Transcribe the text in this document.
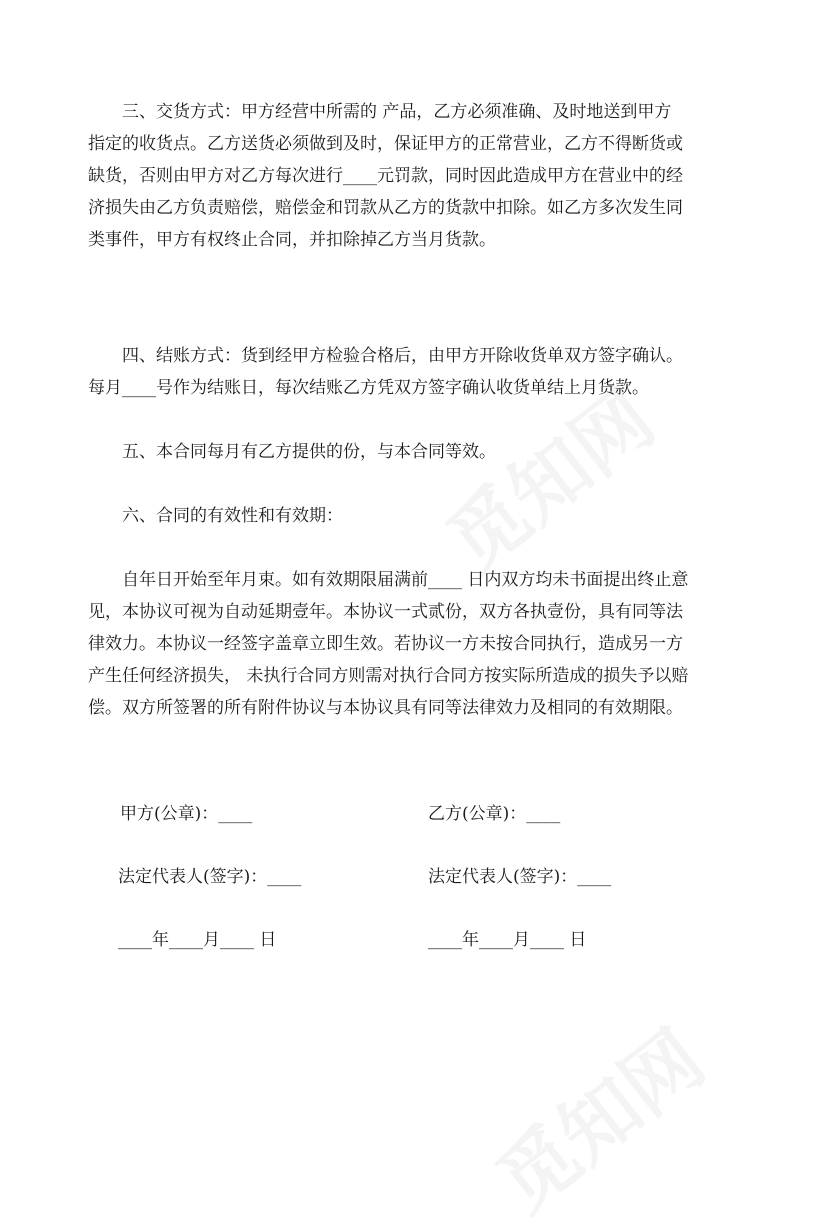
三、交货方式：甲方经营中所需的 产品，乙方必须准确、及时地送到甲方
指定的收货点。乙方送货必须做到及时，保证甲方的正常营业，乙方不得断货或
缺货，否则由甲方对乙方每次进行____元罚款，同时因此造成甲方在营业中的经
济损失由乙方负责赔偿，赔偿金和罚款从乙方的货款中扣除。如乙方多次发生同
类事件，甲方有权终止合同，并扣除掉乙方当月货款。
四、结账方式：货到经甲方检验合格后，由甲方开除收货单双方签字确认。
每月____号作为结账日，每次结账乙方凭双方签字确认收货单结上月货款。
五、本合同每月有乙方提供的份，与本合同等效。
六、合同的有效性和有效期：
自年日开始至年月束。如有效期限届满前____ 日内双方均未书面提出终止意
见，本协议可视为自动延期壹年。本协议一式贰份，双方各执壹份，具有同等法
律效力。本协议一经签字盖章立即生效。若协议一方未按合同执行，造成另一方
产生任何经济损失， 未执行合同方则需对执行合同方按实际所造成的损失予以赔
偿。双方所签署的所有附件协议与本协议具有同等法律效力及相同的有效期限。
甲方(公章)：____
法定代表人(签字)：____
____年____月____ 日
乙方(公章)：____
法定代表人(签字)：____
____年____月____ 日
